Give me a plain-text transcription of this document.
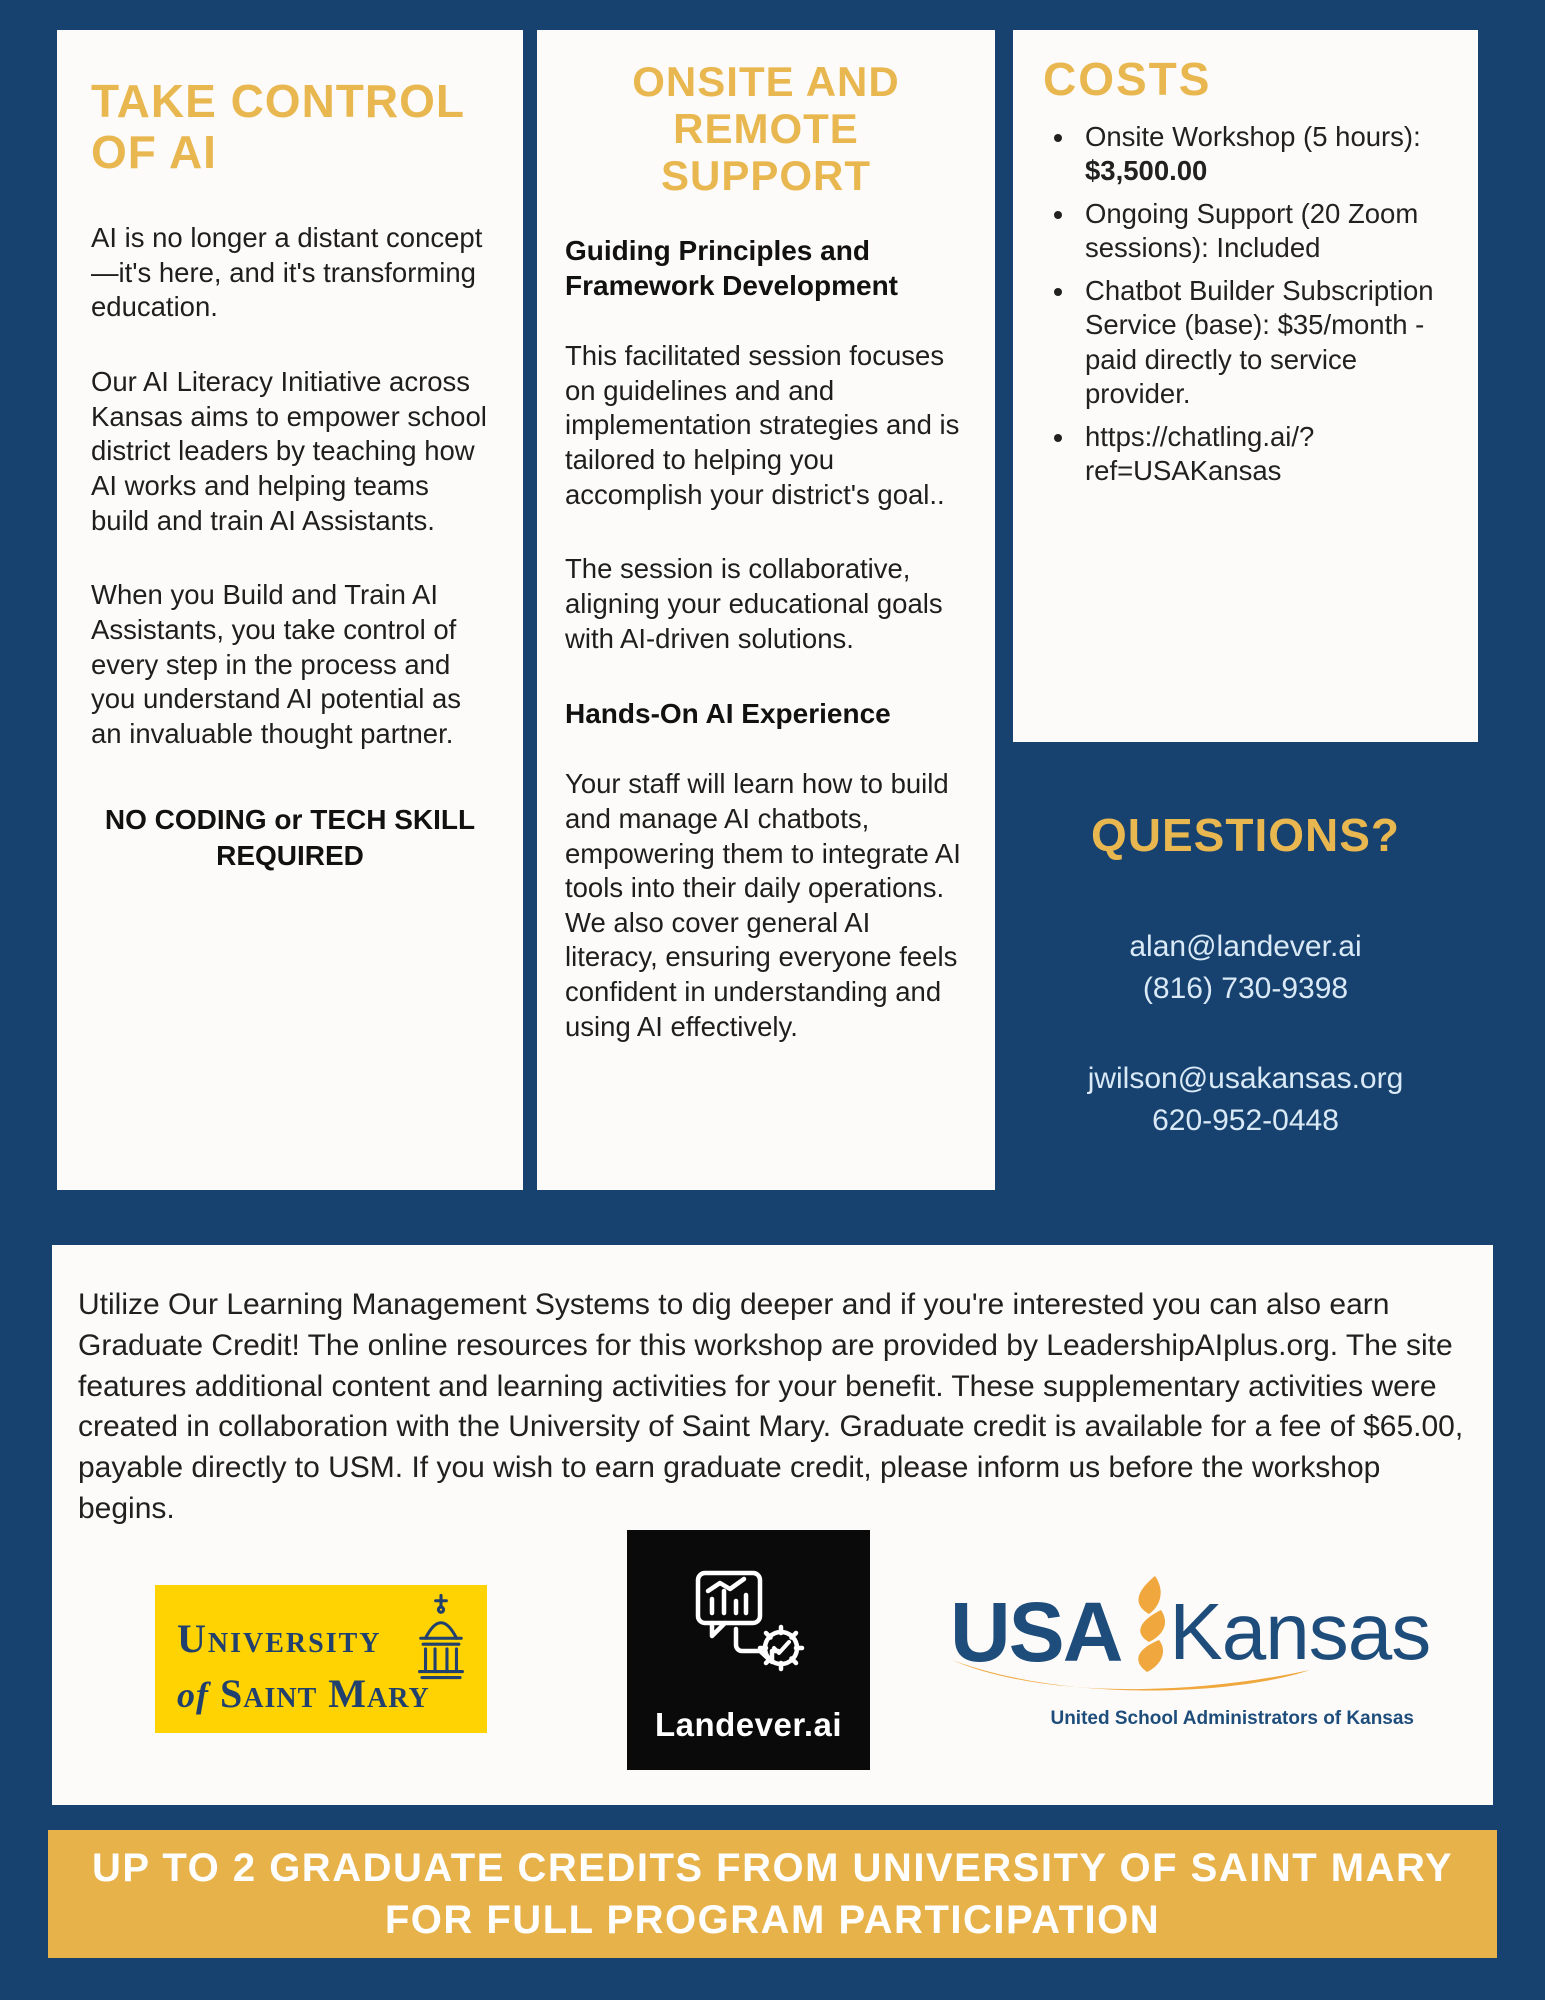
TAKE CONTROL OF AI

AI is no longer a distant concept—it's here, and it's transforming education.

Our AI Literacy Initiative across Kansas aims to empower school district leaders by teaching how AI works and helping teams build and train AI Assistants.

When you Build and Train AI Assistants, you take control of every step in the process and you understand AI potential as an invaluable thought partner.

NO CODING or TECH SKILL REQUIRED

ONSITE AND REMOTE SUPPORT

Guiding Principles and Framework Development

This facilitated session focuses on guidelines and and implementation strategies and is tailored to helping you accomplish your district's goal..

The session is collaborative, aligning your educational goals with AI-driven solutions.

Hands-On AI Experience

Your staff will learn how to build and manage AI chatbots, empowering them to integrate AI tools into their daily operations. We also cover general AI literacy, ensuring everyone feels confident in understanding and using AI effectively.

COSTS
• Onsite Workshop (5 hours): $3,500.00
• Ongoing Support (20 Zoom sessions): Included
• Chatbot Builder Subscription Service (base): $35/month - paid directly to service provider.
• https://chatling.ai/?ref=USAKansas
QUESTIONS?
alan@landever.ai
(816) 730-9398
jwilson@usakansas.org
620-952-0448

Utilize Our Learning Management Systems to dig deeper and if you're interested you can also earn Graduate Credit! The online resources for this workshop are provided by LeadershipAIplus.org. The site features additional content and learning activities for your benefit. These supplementary activities were created in collaboration with the University of Saint Mary. Graduate credit is available for a fee of $65.00, payable directly to USM. If you wish to earn graduate credit, please inform us before the workshop begins.

University
of Saint Mary
Landever.ai
USA Kansas
United School Administrators of Kansas
UP TO 2 GRADUATE CREDITS FROM UNIVERSITY OF SAINT MARY
FOR FULL PROGRAM PARTICIPATION
